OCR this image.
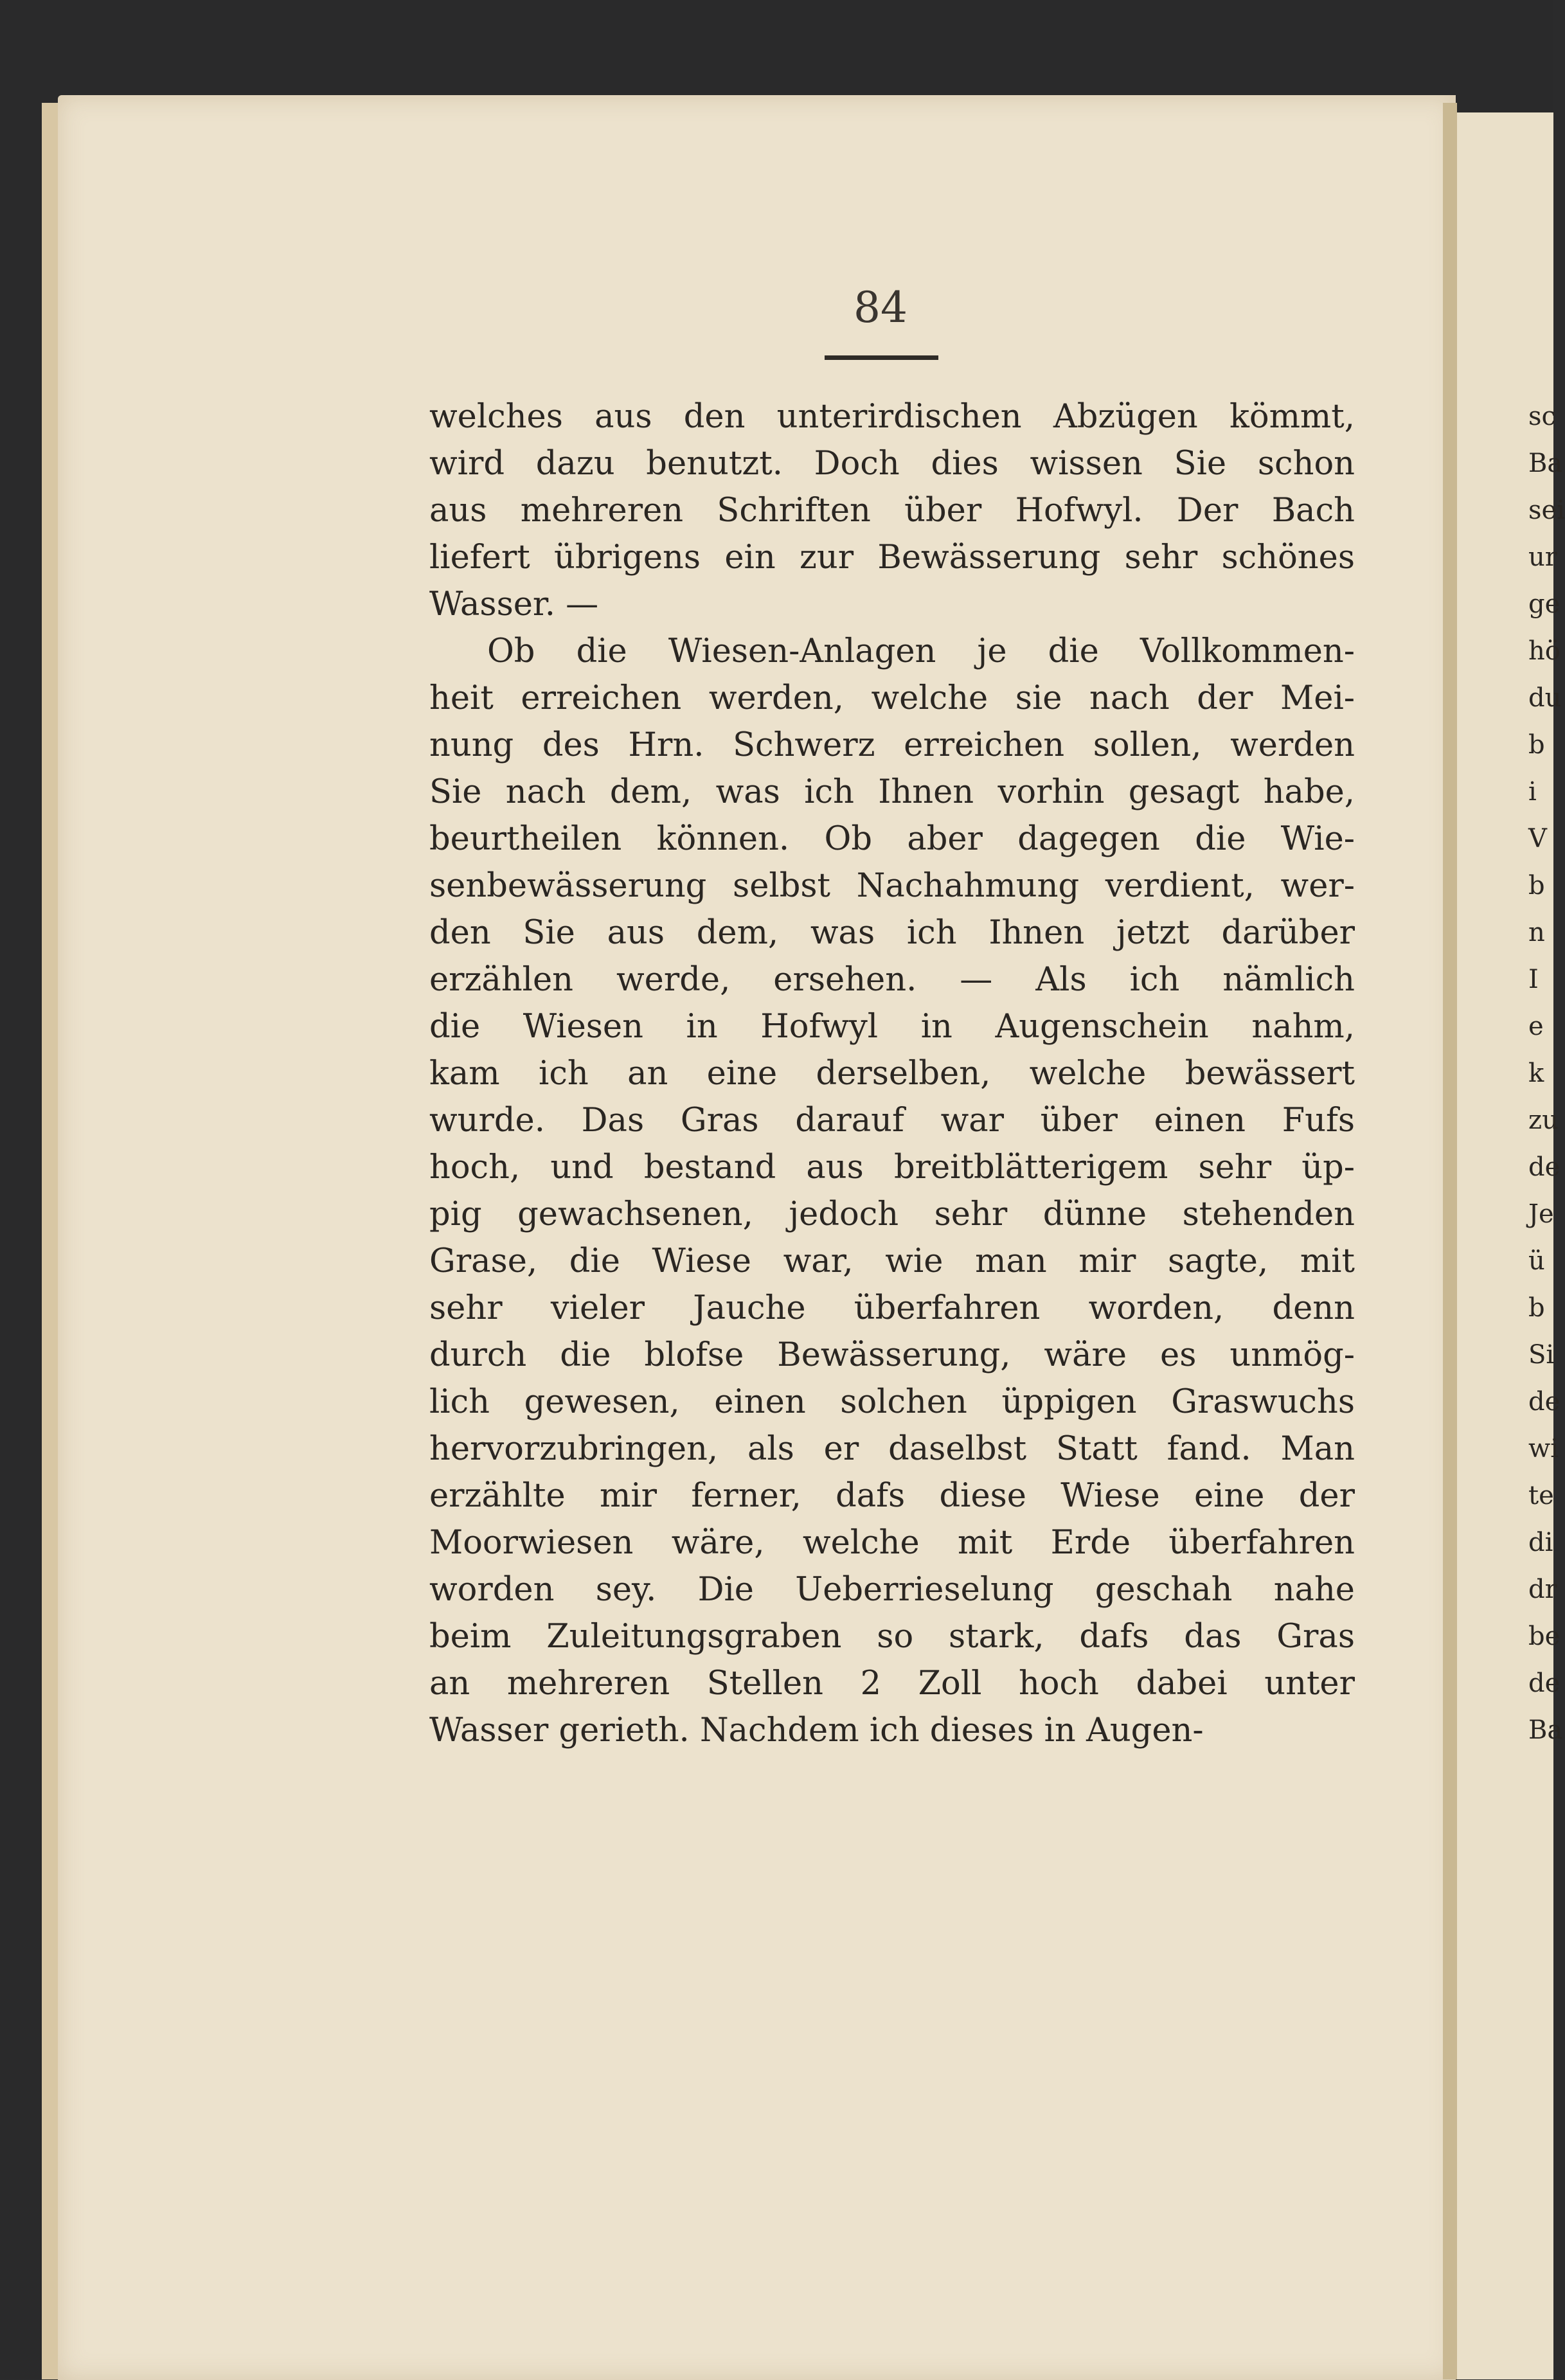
84
welches aus den unterirdischen Abzügen kömmt,
wird dazu benutzt. Doch dies wissen Sie schon
aus mehreren Schriften über Hofwyl. Der Bach
liefert übrigens ein zur Bewässerung sehr schönes
Wasser. —
Ob die Wiesen-Anlagen je die Vollkommen-
heit erreichen werden, welche sie nach der Mei-
nung des Hrn. Schwerz erreichen sollen, werden
Sie nach dem, was ich Ihnen vorhin gesagt habe,
beurtheilen können. Ob aber dagegen die Wie-
senbewässerung selbst Nachahmung verdient, wer-
den Sie aus dem, was ich Ihnen jetzt darüber
erzählen werde, ersehen. — Als ich nämlich
die Wiesen in Hofwyl in Augenschein nahm,
kam ich an eine derselben, welche bewässert
wurde. Das Gras darauf war über einen Fufs
hoch, und bestand aus breitblätterigem sehr üp-
pig gewachsenen, jedoch sehr dünne stehenden
Grase, die Wiese war, wie man mir sagte, mit
sehr vieler Jauche überfahren worden, denn
durch die blofse Bewässerung, wäre es unmög-
lich gewesen, einen solchen üppigen Graswuchs
hervorzubringen, als er daselbst Statt fand. Man
erzählte mir ferner, dafs diese Wiese eine der
Moorwiesen wäre, welche mit Erde überfahren
worden sey. Die Ueberrieselung geschah nahe
beim Zuleitungsgraben so stark, dafs das Gras
an mehreren Stellen 2 Zoll hoch dabei unter
Wasser gerieth. Nachdem ich dieses in Augen-
sc
Ba
sei
ur
ge
hö
du
b
i
V
b
n
I
e
k
zu
de
Je
ü
b
Si
de
wi
te
di
dr
be
de
Ba
